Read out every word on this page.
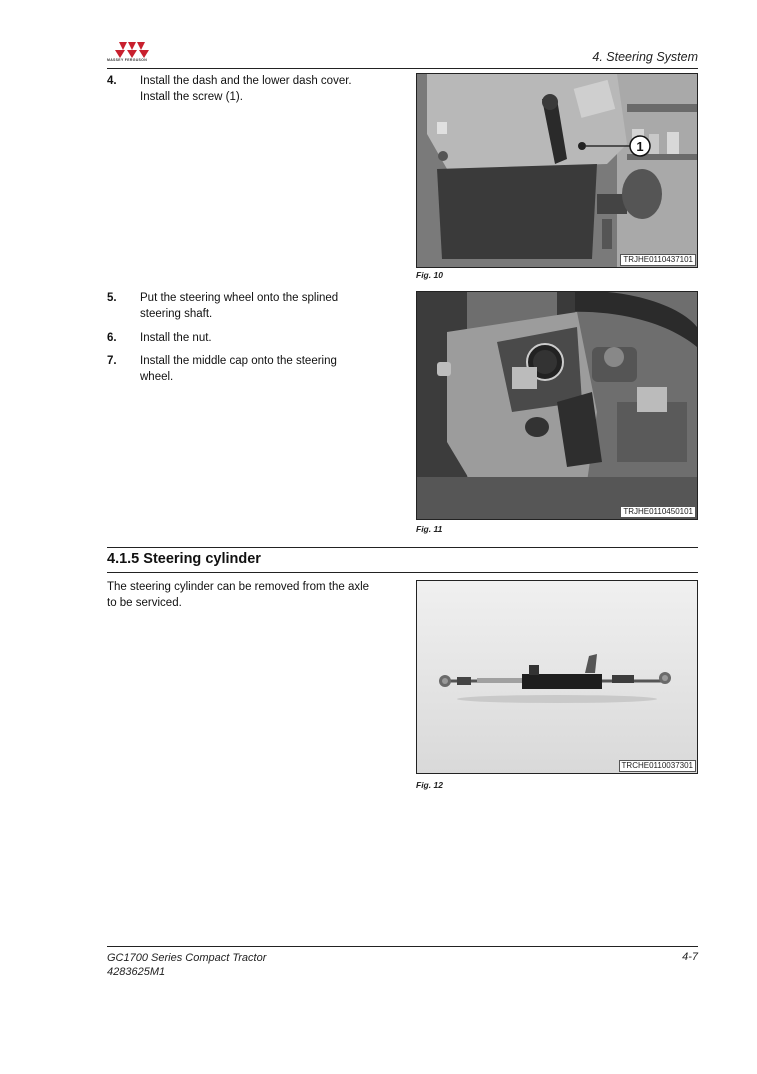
MASSEY FERGUSON	4. Steering System
4. Install the dash and the lower dash cover. Install the screw (1).
1
TRJHE0110437101
Fig. 10
5. Put the steering wheel onto the splined steering shaft.
6. Install the nut.
7. Install the middle cap onto the steering wheel.
TRJHE0110450101
Fig. 11
4.1.5 Steering cylinder
The steering cylinder can be removed from the axle to be serviced.
TRCHE0110037301
Fig. 12
GC1700 Series Compact Tractor
4283625M1
4-7
